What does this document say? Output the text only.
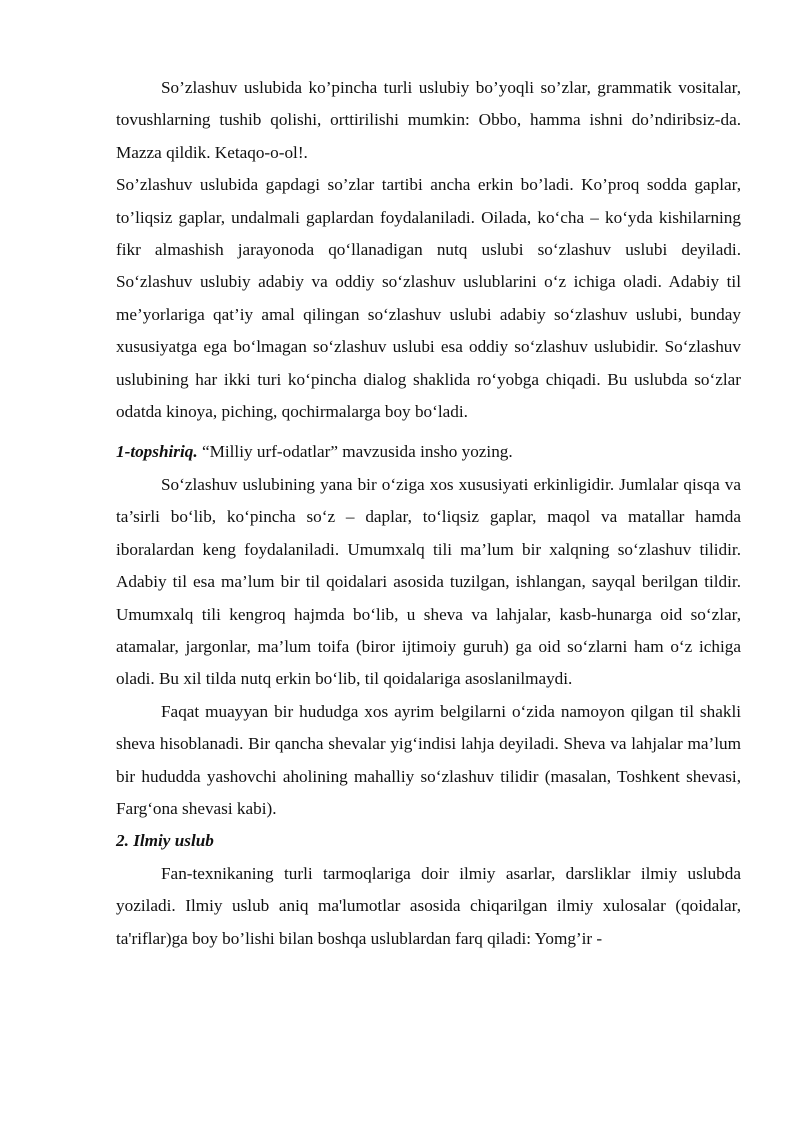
So’zlashuv uslubida ko’pincha turli uslubiy bo’yoqli so’zlar, grammatik vositalar, tovushlarning tushib qolishi, orttirilishi mumkin: Obbo, hamma ishni do’ndiribsiz-da. Mazza qildik. Ketaqo-o-ol!.

So’zlashuv uslubida gapdagi so’zlar tartibi ancha erkin bo’ladi. Ko’proq sodda gaplar, to’liqsiz gaplar, undalmali gaplardan foydalaniladi. Oilada, koʻcha – koʻyda kishilarning fikr almashish jarayonoda qoʻllanadigan nutq uslubi soʻzlashuv uslubi deyiladi. Soʻzlashuv uslubiy adabiy va oddiy soʻzlashuv uslublarini oʻz ichiga oladi. Adabiy til me’yorlariga qat’iy amal qilingan soʻzlashuv uslubi adabiy soʻzlashuv uslubi, bunday xususiyatga ega boʻlmagan soʻzlashuv uslubi esa oddiy soʻzlashuv uslubidir. Soʻzlashuv uslubining har ikki turi koʻpincha dialog shaklida roʻyobga chiqadi. Bu uslubda soʻzlar odatda kinoya, piching, qochirmalarga boy boʻladi.

1-topshiriq. “Milliy urf-odatlar” mavzusida insho yozing.

Soʻzlashuv uslubining yana bir oʻziga xos xususiyati erkinligidir. Jumlalar qisqa va ta’sirli boʻlib, koʻpincha soʻz – daplar, toʻliqsiz gaplar, maqol va matallar hamda iboralardan keng foydalaniladi. Umumxalq tili ma’lum bir xalqning soʻzlashuv tilidir. Adabiy til esa ma’lum bir til qoidalari asosida tuzilgan, ishlangan, sayqal berilgan tildir. Umumxalq tili kengroq hajmda boʻlib, u sheva va lahjalar, kasb-hunarga oid soʻzlar, atamalar, jargonlar, ma’lum toifa (biror ijtimoiy guruh) ga oid soʻzlarni ham oʻz ichiga oladi. Bu xil tilda nutq erkin boʻlib, til qoidalariga asoslanilmaydi.

Faqat muayyan bir hududga xos ayrim belgilarni oʻzida namoyon qilgan til shakli sheva hisoblanadi. Bir qancha shevalar yigʻindisi lahja deyiladi. Sheva va lahjalar ma’lum bir hududda yashovchi aholining mahalliy soʻzlashuv tilidir (masalan, Toshkent shevasi, Fargʻona shevasi kabi).

2. Ilmiy uslub

Fan-texnikaning turli tarmoqlariga doir ilmiy asarlar, darsliklar ilmiy uslubda yoziladi. Ilmiy uslub aniq ma'lumotlar asosida chiqarilgan ilmiy xulosalar (qoidalar, ta'riflar)ga boy bo’lishi bilan boshqa uslublardan farq qiladi: Yomg’ir -
